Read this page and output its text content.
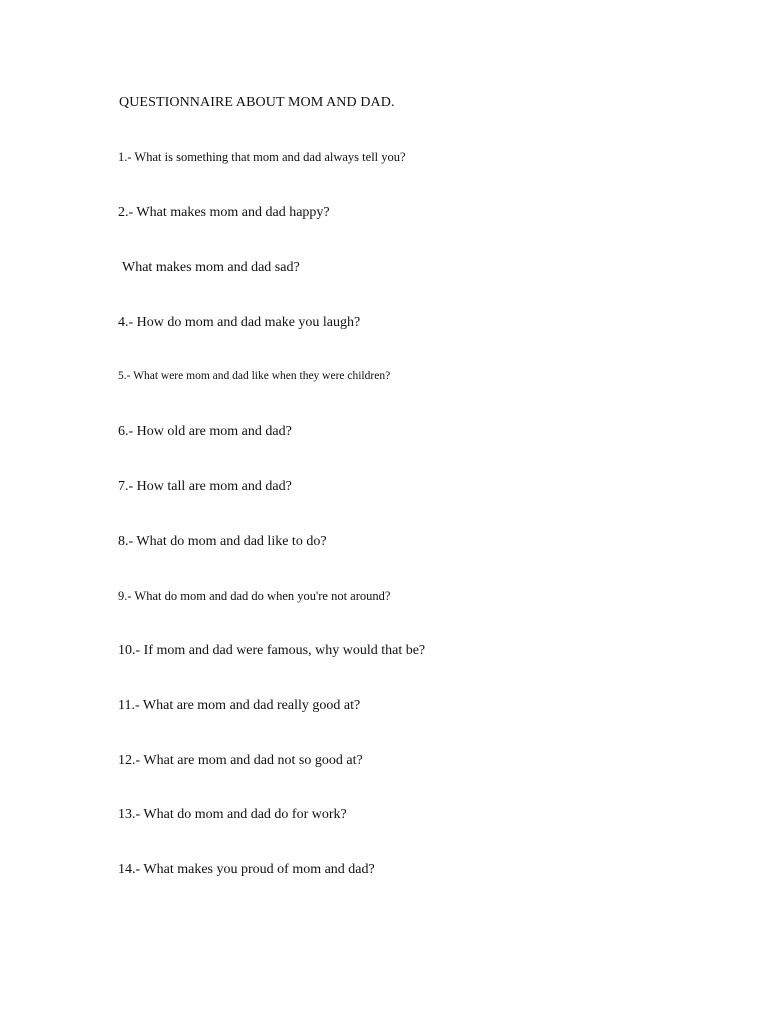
QUESTIONNAIRE ABOUT MOM AND DAD.
1.- What is something that mom and dad always tell you?
2.- What makes mom and dad happy?
What makes mom and dad sad?
4.- How do mom and dad make you laugh?
5.- What were mom and dad like when they were children?
6.- How old are mom and dad?
7.- How tall are mom and dad?
8.- What do mom and dad like to do?
9.- What do mom and dad do when you're not around?
10.- If mom and dad were famous, why would that be?
11.- What are mom and dad really good at?
12.- What are mom and dad not so good at?
13.- What do mom and dad do for work?
14.- What makes you proud of mom and dad?
